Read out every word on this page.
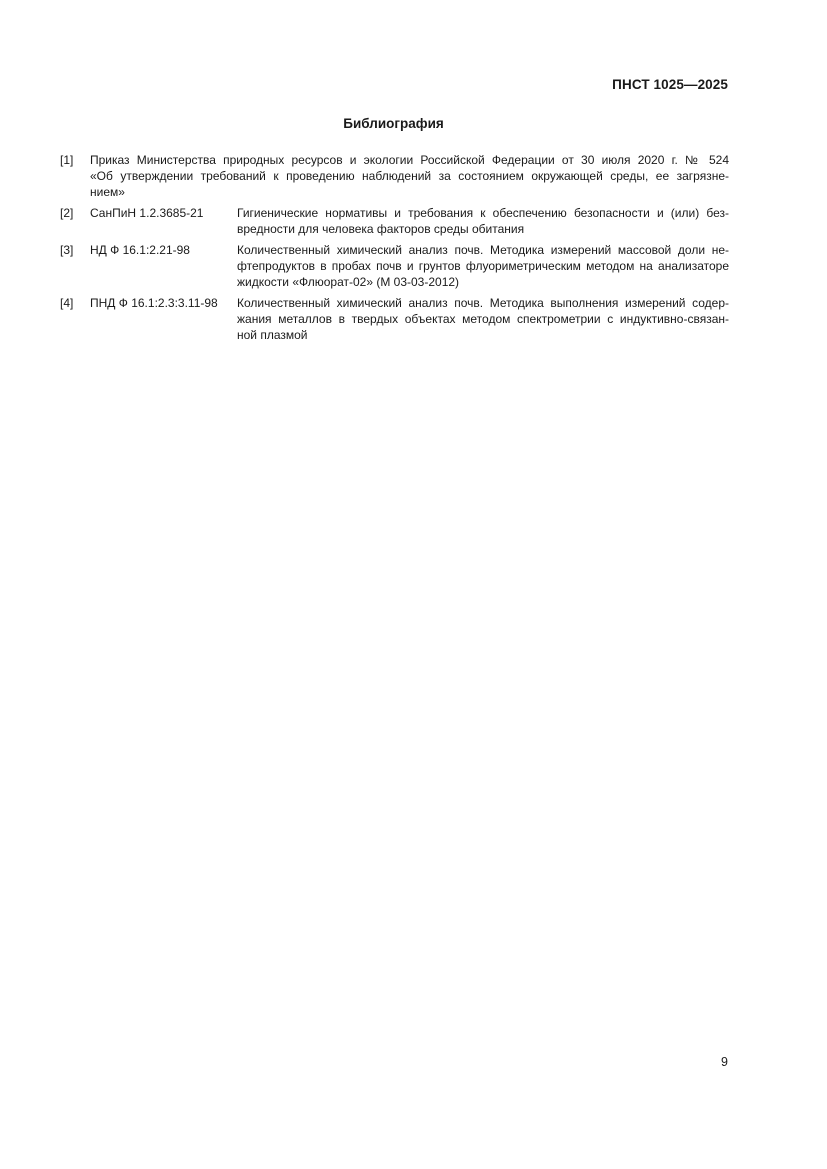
ПНСТ 1025—2025
Библиография
[1] Приказ Министерства природных ресурсов и экологии Российской Федерации от 30 июля 2020 г. № 524
«Об утверждении требований к проведению наблюдений за состоянием окружающей среды, ее загрязне-
нием»
[2] СанПиН 1.2.3685-21	Гигиенические нормативы и требования к обеспечению безопасности и (или) без-
вредности для человека факторов среды обитания
[3] НД Ф 16.1:2.21-98	Количественный химический анализ почв. Методика измерений массовой доли не-
фтепродуктов в пробах почв и грунтов флуориметрическим методом на анализаторе
жидкости «Флюорат-02» (М 03-03-2012)
[4] ПНД Ф 16.1:2.3:3.11-98 Количественный химический анализ почв. Методика выполнения измерений содер-
жания металлов в твердых объектах методом спектрометрии с индуктивно-связан-
ной плазмой
9
